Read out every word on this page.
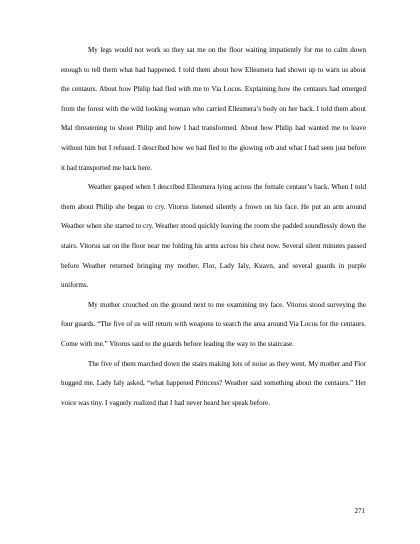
My legs would not work so they sat me on the floor waiting impatiently for me to calm down enough to tell them what had happened. I told them about how Ellesmera had shown up to warn us about the centaurs. About how Philip had fled with me to Via Locus. Explaining how the centaurs had emerged from the forest with the wild looking woman who carried Ellesmera’s body on her back. I told them about Mal threatening to shoot Philip and how I had transformed. About how Philip had wanted me to leave without him but I refused. I described how we had fled to the glowing orb and what I had seen just before it had transported me back here.

Weather gasped when I described Ellesmera lying across the female centaur’s back. When I told them about Philip she began to cry. Vitorus listened silently a frown on his face. He put an arm around Weather when she started to cry. Weather stood quickly leaving the room she padded soundlessly down the stairs. Vitorus sat on the floor near me folding his arms across his chest now. Several silent minutes passed before Weather returned bringing my mother, Flor, Lady Ialy, Kuavn, and several guards in purple uniforms.

My mother crouched on the ground next to me examining my face. Vitorus stood surveying the four guards. “The five of us will return with weapons to search the area around Via Locus for the centaurs. Come with me.” Vitorus said to the guards before leading the way to the staircase.

The five of them marched down the stairs making lots of noise as they went. My mother and Flor hugged me. Lady Ialy asked, “what happened Princess? Weather said something about the centaurs.” Her voice was tiny. I vaguely realized that I had never heard her speak before.

271
